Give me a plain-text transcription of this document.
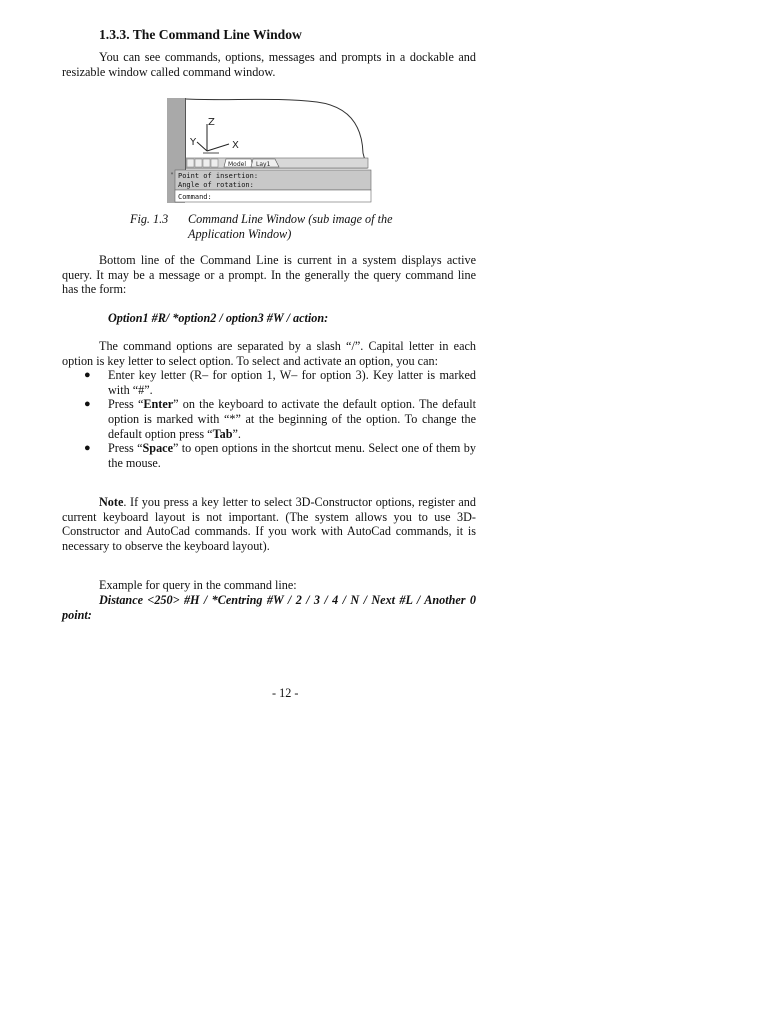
1.3.3. The Command Line Window
You can see commands, options, messages and prompts in a dockable and resizable window called command window.
Z
Y	X
Model Lay1
" Point of insertion:
Angle of rotation:
Command:
Fig. 1.3 Command Line Window (sub image of the Application Window)
Bottom line of the Command Line is current in a system displays active query. It may be a message or a prompt. In the generally the query command line has the form:
Option1 #R/ *option2 / option3 #W / action:
The command options are separated by a slash “/”. Capital letter in each option is key letter to select option. To select and activate an option, you can:
● Enter key letter (R– for option 1, W– for option 3). Key latter is marked with “#”.
● Press “Enter” on the keyboard to activate the default option. The default option is marked with “*” at the beginning of the option. To change the default option press “Tab”.
● Press “Space” to open options in the shortcut menu. Select one of them by the mouse.
Note. If you press a key letter to select 3D-Constructor options, register and current keyboard layout is not important. (The system allows you to use 3D-Constructor and AutoCad commands. If you work with AutoCad commands, it is necessary to observe the keyboard layout).
Example for query in the command line:
Distance <250> #H / *Centring #W / 2 / 3 / 4 / N / Next #L / Another 0 point:
- 12 -
